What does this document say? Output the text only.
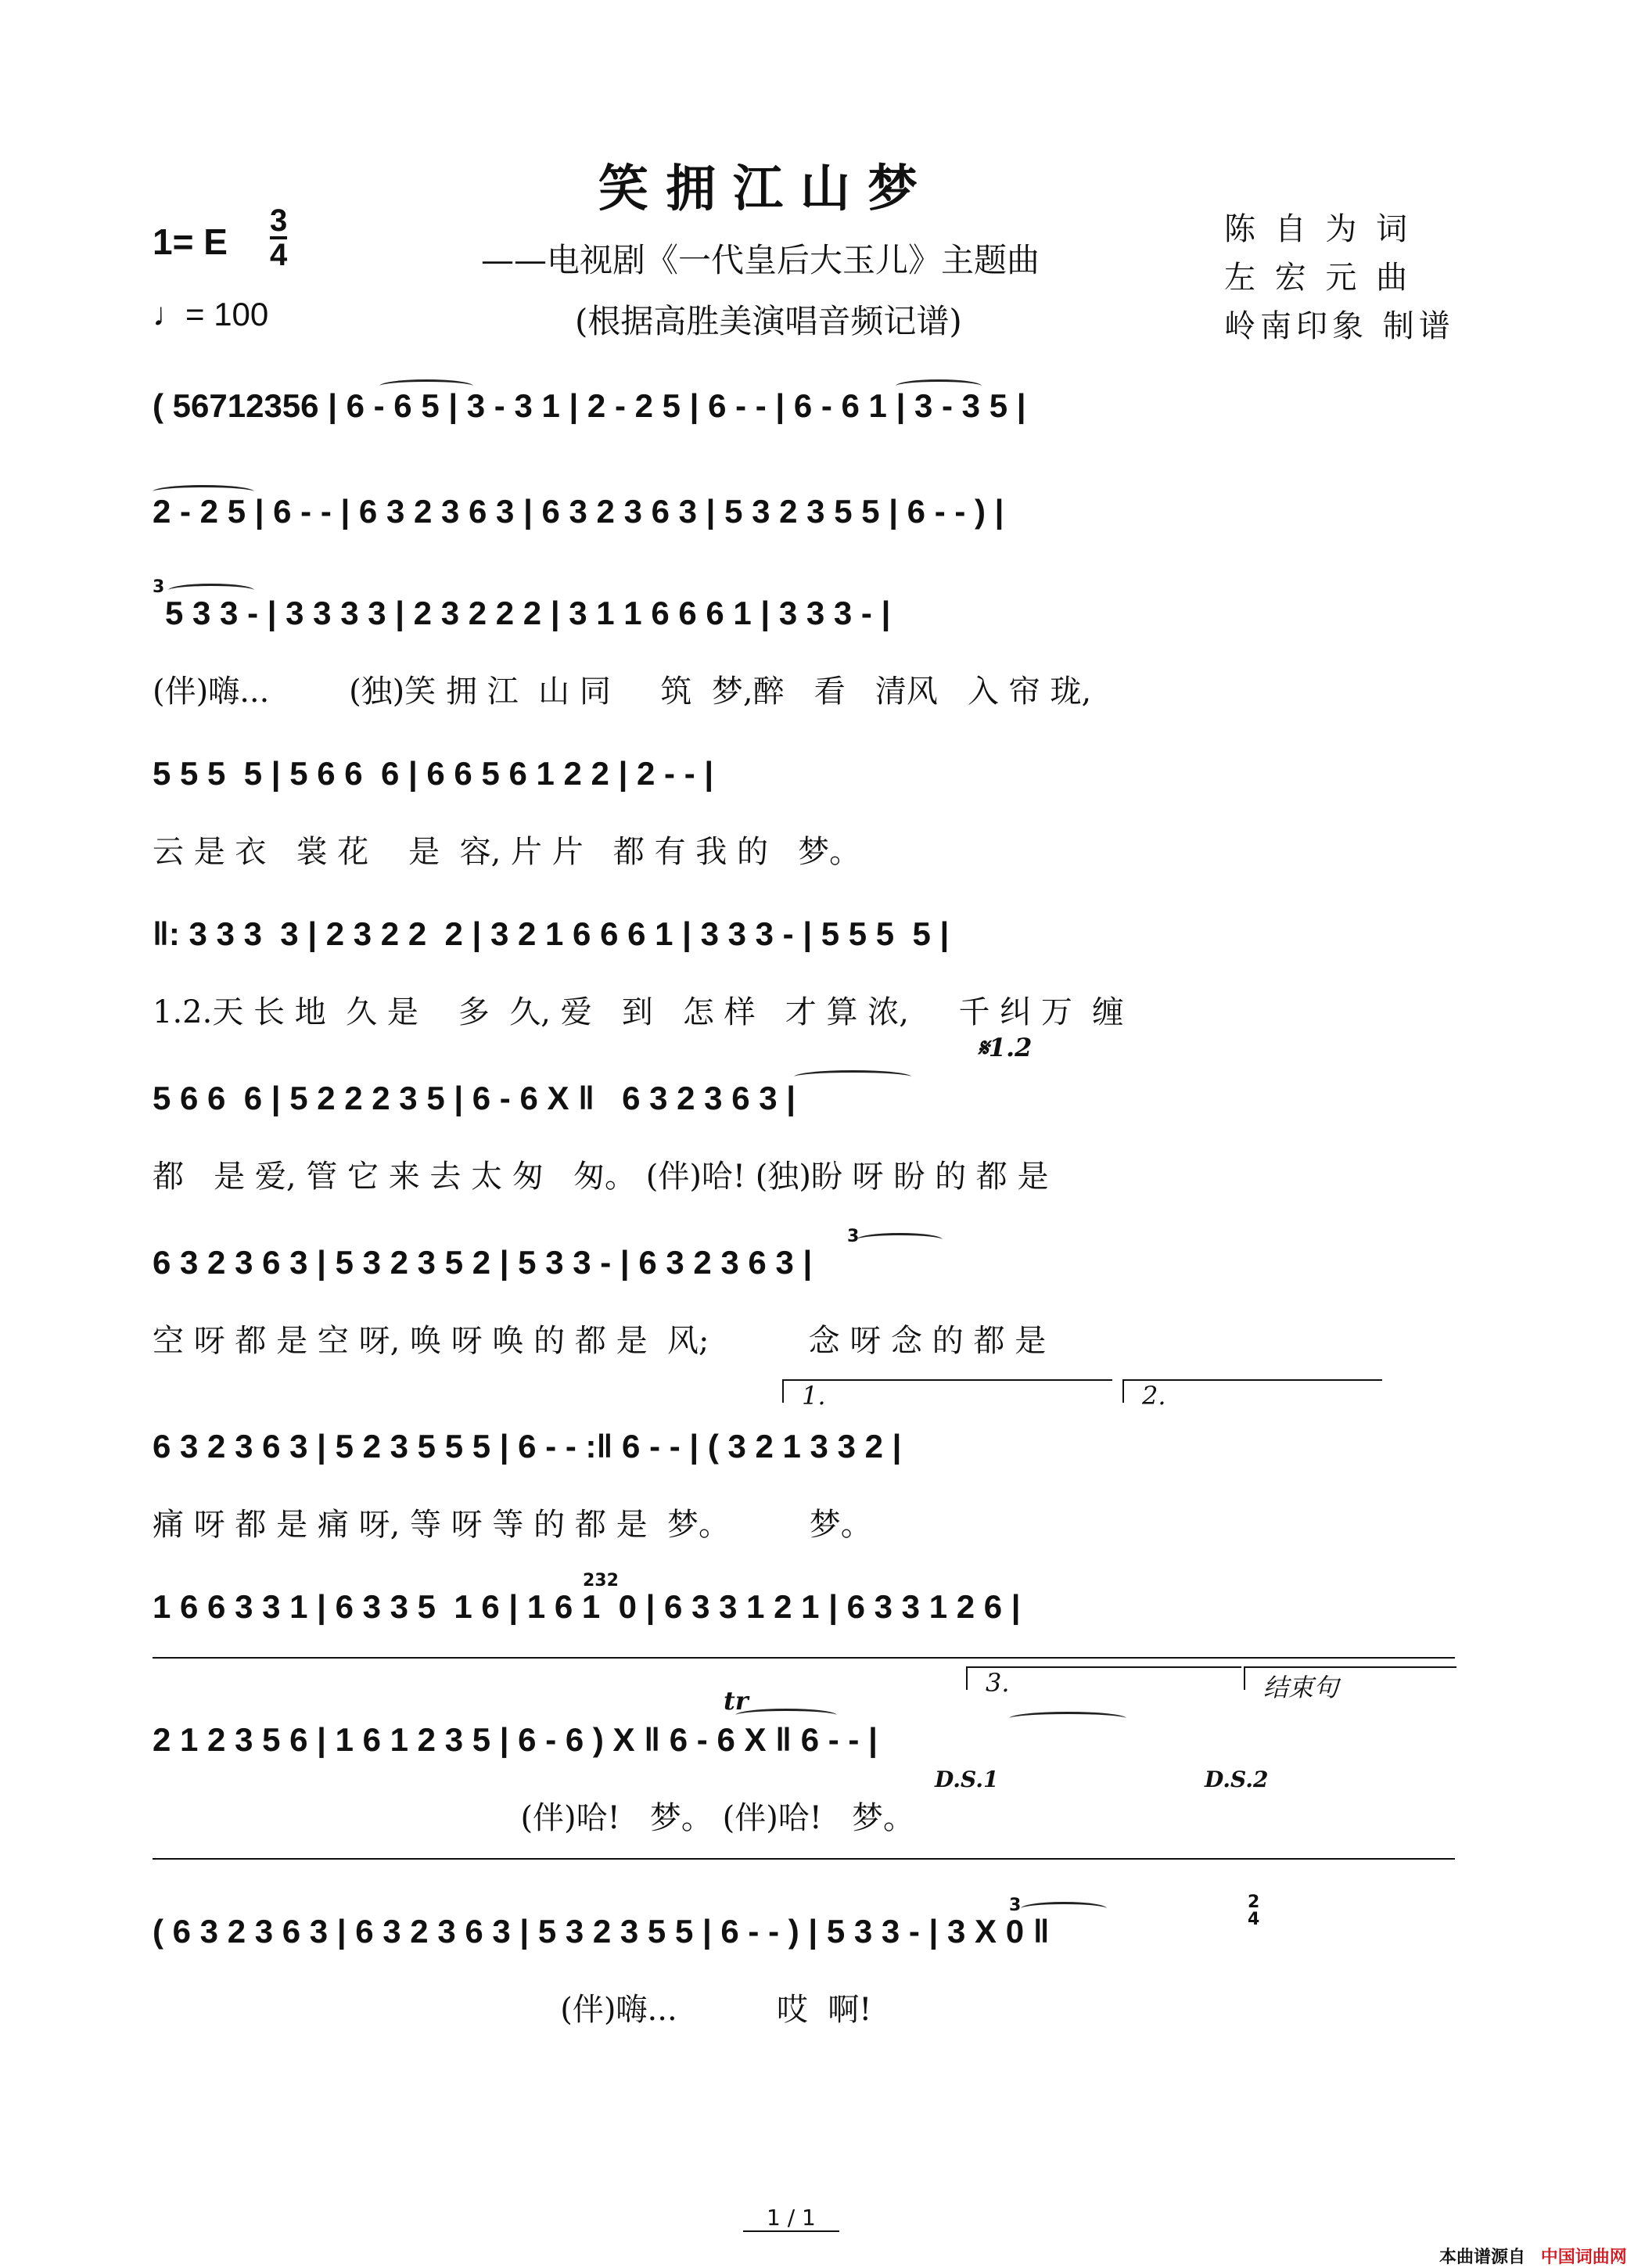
笑拥江山梦
——电视剧《一代皇后大玉儿》主题曲
(根据高胜美演唱音频记谱)
陈 自 为 词
左 宏 元 曲
岭南印象 制谱
1= E
3
4
♩= 100
( 56712356 | 6 - 6 5 | 3 - 3 1 | 2 - 2 5 | 6 - - | 6 - 6 1 | 3 - 3 5 |
2 - 2 5 | 6 - - | 6 3 2 3 6 3 | 6 3 2 3 6 3 | 5 3 2 3 5 5 | 6 - - ) |
3
5 3 3 - | 3 3 3 3 | 2 3 2 2 2 | 3 1 1 6 6 6 1 | 3 3 3 - |
(伴)嗨...        (独)笑 拥 江  山 同     筑  梦,醉   看   清风   入 帘 珑,
5 5 5  5 | 5 6 6  6 | 6 6 5 6 1 2 2 | 2 - - |
云 是 衣   裳 花    是  容, 片 片   都 有 我 的   梦。
‖: 3 3 3  3 | 2 3 2 2  2 | 3 2 1 6 6 6 1 | 3 3 3 - | 5 5 5  5 |
1.2.天 长 地  久 是    多  久, 爱   到   怎 样   才 算 浓,     千 纠 万  缠
𝄋1.2
5 6 6  6 | 5 2 2 2 3 5 | 6 - 6 X ‖   6 3 2 3 6 3 |
都   是 爱, 管 它 来 去 太 匆   匆。 (伴)哈! (独)盼 呀 盼 的 都 是
3
6 3 2 3 6 3 | 5 3 2 3 5 2 | 5 3 3 - | 6 3 2 3 6 3 |
空 呀 都 是 空 呀, 唤 呀 唤 的 都 是  风;          念 呀 念 的 都 是
1.	2.
6 3 2 3 6 3 | 5 2 3 5 5 5 | 6 - - :‖ 6 - - | ( 3 2 1 3 3 2 |
痛 呀 都 是 痛 呀, 等 呀 等 的 都 是  梦。        梦。
232
1 6 6 3 3 1 | 6 3 3 5  1 6 | 1 6 1  0 | 6 3 3 1 2 1 | 6 3 3 1 2 6 |
3.	结束句
tr
2 1 2 3 5 6 | 1 6 1 2 3 5 | 6 - 6 ) X ‖ 6 - 6 X ‖ 6 - - |
D.S.1	D.S.2
(伴)哈!   梦。 (伴)哈!   梦。
3	2
4
( 6 3 2 3 6 3 | 6 3 2 3 6 3 | 5 3 2 3 5 5 | 6 - - ) | 5 3 3 - | 3 X 0 ‖
(伴)嗨...          哎  啊!
1 / 1
本曲谱源自 中国词曲网
